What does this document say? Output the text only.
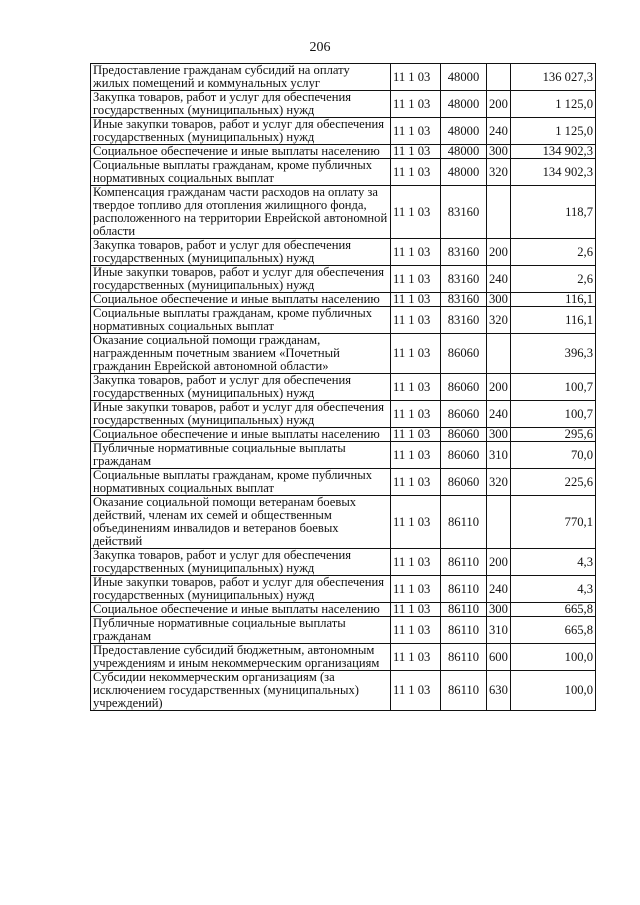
206
Предоставление гражданам субсидий на оплату жилых помещений и коммунальных услуг	11 1 03	48000		136 027,3
Закупка товаров, работ и услуг для обеспечения государственных (муниципальных) нужд	11 1 03	48000	200	1 125,0
Иные закупки товаров, работ и услуг для обеспечения государственных (муниципальных) нужд	11 1 03	48000	240	1 125,0
Социальное обеспечение и иные выплаты населению	11 1 03	48000	300	134 902,3
Социальные выплаты гражданам, кроме публичных нормативных социальных выплат	11 1 03	48000	320	134 902,3
Компенсация гражданам части расходов на оплату за твердое топливо для отопления жилищного фонда, расположенного на территории Еврейской автономной области	11 1 03	83160		118,7
Закупка товаров, работ и услуг для обеспечения государственных (муниципальных) нужд	11 1 03	83160	200	2,6
Иные закупки товаров, работ и услуг для обеспечения государственных (муниципальных) нужд	11 1 03	83160	240	2,6
Социальное обеспечение и иные выплаты населению	11 1 03	83160	300	116,1
Социальные выплаты гражданам, кроме публичных нормативных социальных выплат	11 1 03	83160	320	116,1
Оказание социальной помощи гражданам, награжденным почетным званием «Почетный гражданин Еврейской автономной области»	11 1 03	86060		396,3
Закупка товаров, работ и услуг для обеспечения государственных (муниципальных) нужд	11 1 03	86060	200	100,7
Иные закупки товаров, работ и услуг для обеспечения государственных (муниципальных) нужд	11 1 03	86060	240	100,7
Социальное обеспечение и иные выплаты населению	11 1 03	86060	300	295,6
Публичные нормативные социальные выплаты гражданам	11 1 03	86060	310	70,0
Социальные выплаты гражданам, кроме публичных нормативных социальных выплат	11 1 03	86060	320	225,6
Оказание социальной помощи ветеранам боевых действий, членам их семей и общественным объединениям инвалидов и ветеранов боевых действий	11 1 03	86110		770,1
Закупка товаров, работ и услуг для обеспечения государственных (муниципальных) нужд	11 1 03	86110	200	4,3
Иные закупки товаров, работ и услуг для обеспечения государственных (муниципальных) нужд	11 1 03	86110	240	4,3
Социальное обеспечение и иные выплаты населению	11 1 03	86110	300	665,8
Публичные нормативные социальные выплаты гражданам	11 1 03	86110	310	665,8
Предоставление субсидий бюджетным, автономным учреждениям и иным некоммерческим организациям	11 1 03	86110	600	100,0
Субсидии некоммерческим организациям (за исключением государственных (муниципальных) учреждений)	11 1 03	86110	630	100,0
